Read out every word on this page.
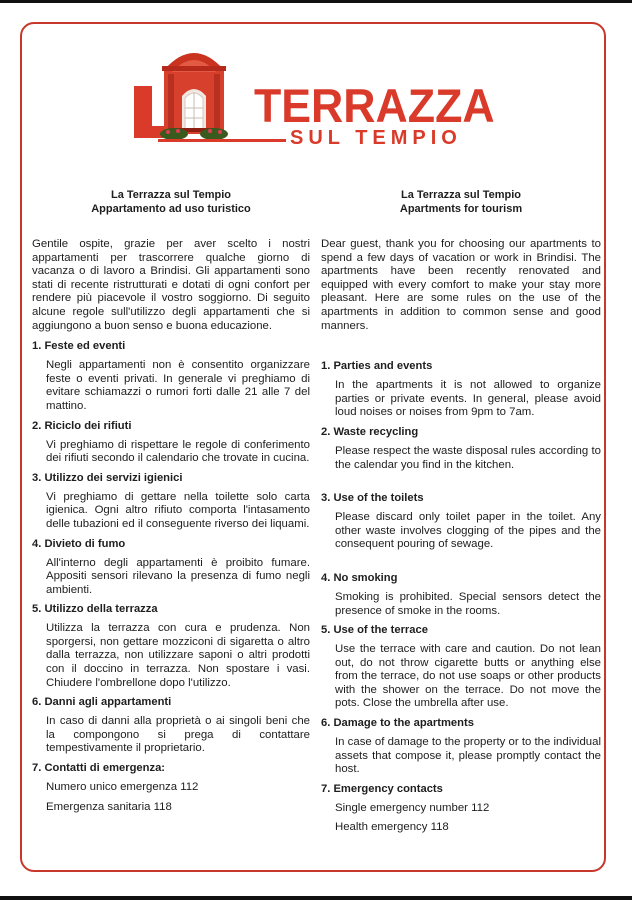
TERRAZZA
SUL TEMPIO
La Terrazza sul Tempio
Appartamento ad uso turistico
Gentile ospite, grazie per aver scelto i nostri appartamenti per trascorrere qualche giorno di vacanza o di lavoro a Brindisi. Gli appartamenti sono stati di recente ristrutturati e dotati di ogni confort per rendere più piacevole il vostro soggiorno. Di seguito alcune regole sull'utilizzo degli appartamenti che si aggiungono a buon senso e buona educazione.
1. Feste ed eventi
Negli appartamenti non è consentito organizzare feste o eventi privati. In generale vi preghiamo di evitare schiamazzi o rumori forti dalle 21 alle 7 del mattino.
2. Riciclo dei rifiuti
Vi preghiamo di rispettare le regole di conferimento dei rifiuti secondo il calendario che trovate in cucina.
3. Utilizzo dei servizi igienici
Vi preghiamo di gettare nella toilette solo carta igienica. Ogni altro rifiuto comporta l'intasamento delle tubazioni ed il conseguente riverso dei liquami.
4. Divieto di fumo
All'interno degli appartamenti è proibito fumare. Appositi sensori rilevano la presenza di fumo negli ambienti.
5. Utilizzo della terrazza
Utilizza la terrazza con cura e prudenza. Non sporgersi, non gettare mozziconi di sigaretta o altro dalla terrazza, non utilizzare saponi o altri prodotti con il doccino in terrazza. Non spostare i vasi. Chiudere l'ombrellone dopo l'utilizzo.
6. Danni agli appartamenti
In caso di danni alla proprietà o ai singoli beni che la compongono si prega di contattare tempestivamente il proprietario.
7. Contatti di emergenza:
Numero unico emergenza 112
Emergenza sanitaria 118
La Terrazza sul Tempio
Apartments for tourism
Dear guest, thank you for choosing our apartments to spend a few days of vacation or work in Brindisi. The apartments have been recently renovated and equipped with every comfort to make your stay more pleasant. Here are some rules on the use of the apartments in addition to common sense and good manners.
1. Parties and events
In the apartments it is not allowed to organize parties or private events. In general, please avoid loud noises or noises from 9pm to 7am.
2. Waste recycling
Please respect the waste disposal rules according to the calendar you find in the kitchen.
3. Use of the toilets
Please discard only toilet paper in the toilet. Any other waste involves clogging of the pipes and the consequent pouring of sewage.
4. No smoking
Smoking is prohibited. Special sensors detect the presence of smoke in the rooms.
5. Use of the terrace
Use the terrace with care and caution. Do not lean out, do not throw cigarette butts or anything else from the terrace, do not use soaps or other products with the shower on the terrace. Do not move the pots. Close the umbrella after use.
6. Damage to the apartments
In case of damage to the property or to the individual assets that compose it, please promptly contact the host.
7. Emergency contacts
Single emergency number 112
Health emergency 118
